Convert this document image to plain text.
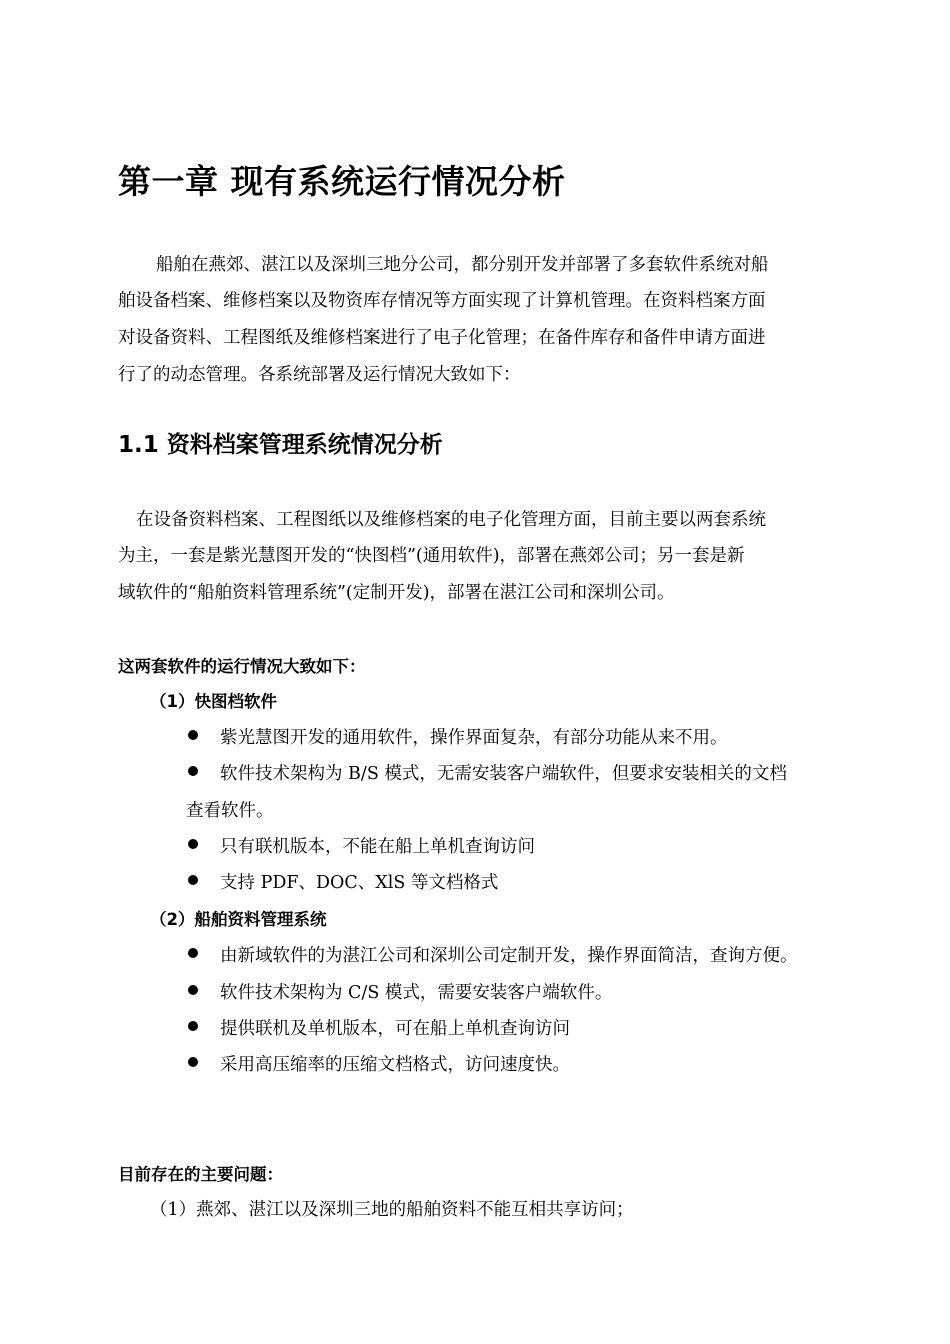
第一章 现有系统运行情况分析
船舶在燕郊、湛江以及深圳三地分公司，都分别开发并部署了多套软件系统对船
舶设备档案、维修档案以及物资库存情况等方面实现了计算机管理。在资料档案方面
对设备资料、工程图纸及维修档案进行了电子化管理；在备件库存和备件申请方面进
行了的动态管理。各系统部署及运行情况大致如下：
1.1 资料档案管理系统情况分析
在设备资料档案、工程图纸以及维修档案的电子化管理方面，目前主要以两套系统
为主，一套是紫光慧图开发的“快图档”(通用软件)，部署在燕郊公司；另一套是新
域软件的“船舶资料管理系统”(定制开发)，部署在湛江公司和深圳公司。
这两套软件的运行情况大致如下：
（1）快图档软件
紫光慧图开发的通用软件，操作界面复杂，有部分功能从来不用。
软件技术架构为 B/S 模式，无需安装客户端软件，但要求安装相关的文档
查看软件。
只有联机版本，不能在船上单机查询访问
支持 PDF、DOC、XlS 等文档格式
（2）船舶资料管理系统
由新域软件的为湛江公司和深圳公司定制开发，操作界面简洁，查询方便。
软件技术架构为 C/S 模式，需要安装客户端软件。
提供联机及单机版本，可在船上单机查询访问
采用高压缩率的压缩文档格式，访问速度快。
目前存在的主要问题：
（1）燕郊、湛江以及深圳三地的船舶资料不能互相共享访问；
